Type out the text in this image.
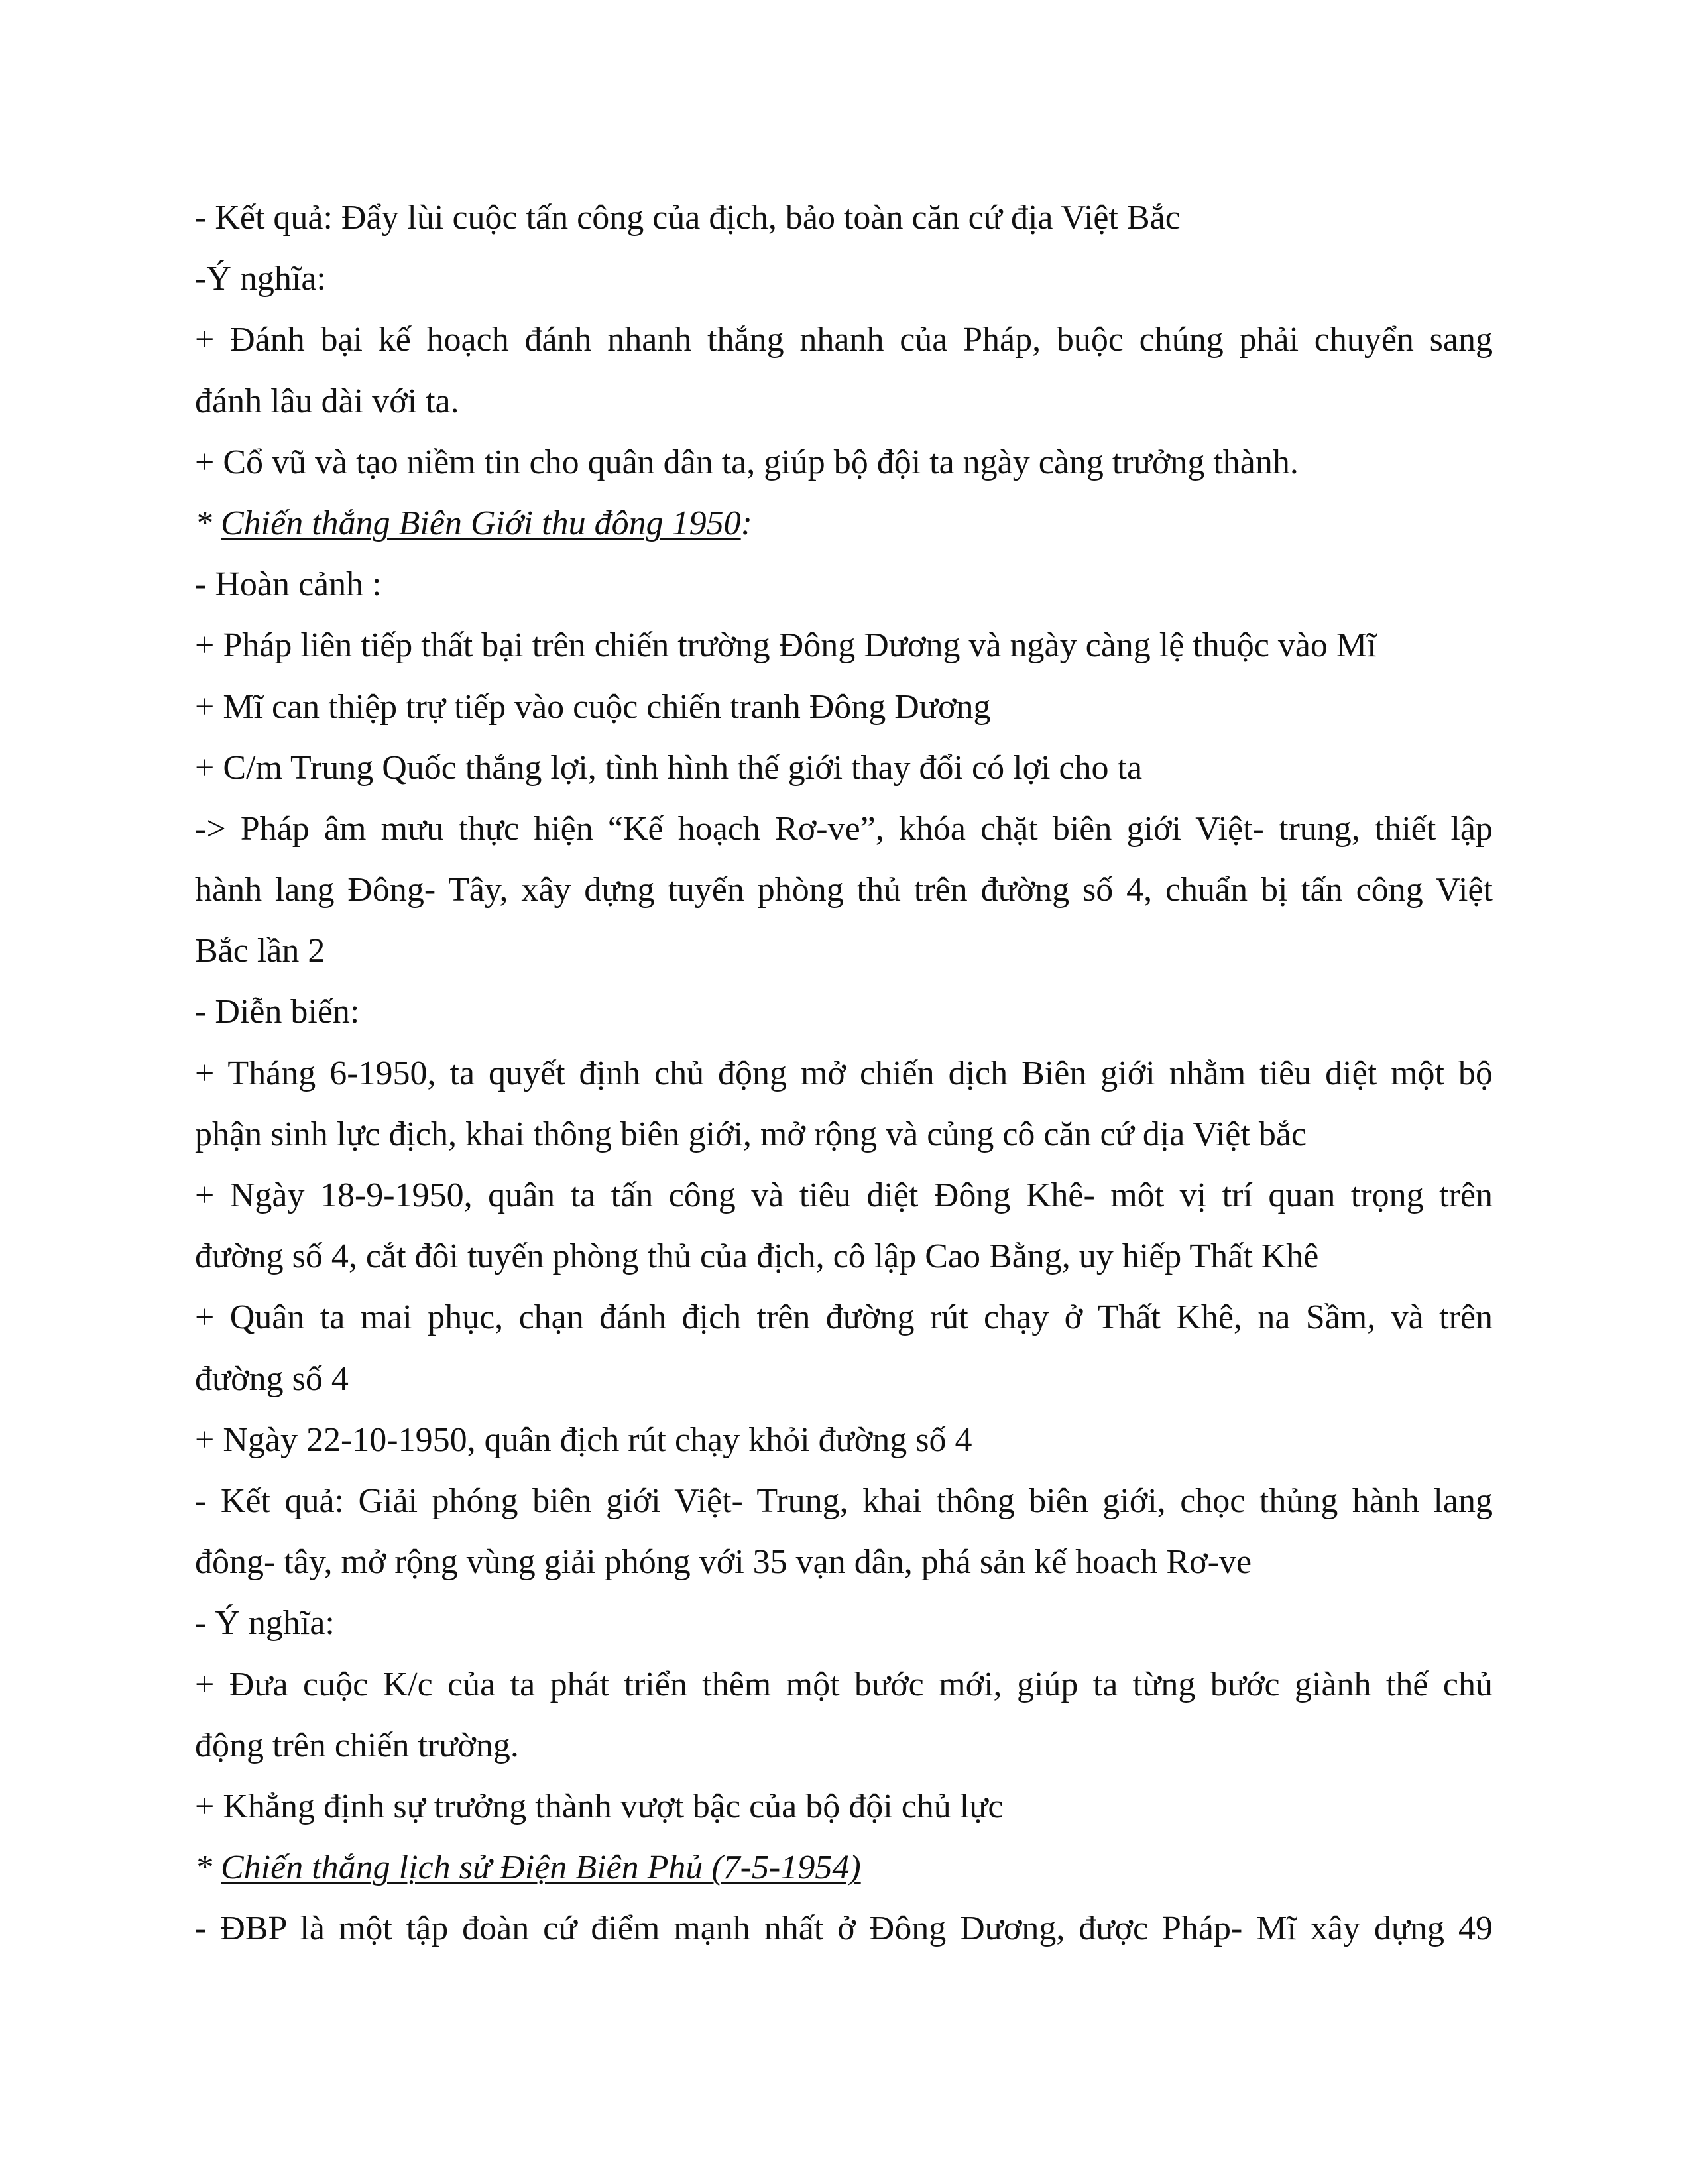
- Kết quả: Đẩy lùi cuộc tấn công của địch, bảo toàn căn cứ địa Việt Bắc
-Ý nghĩa:
+ Đánh bại kế hoạch đánh nhanh thắng nhanh của Pháp, buộc chúng phải chuyển sang
đánh lâu dài với ta.
+ Cổ vũ và tạo niềm tin cho quân dân ta, giúp bộ đội ta ngày càng trưởng thành.
* Chiến thắng Biên Giới thu đông 1950:
- Hoàn cảnh :
+ Pháp liên tiếp thất bại trên chiến trường Đông Dương và ngày càng lệ thuộc vào Mĩ
+ Mĩ can thiệp trự tiếp vào cuộc chiến tranh Đông Dương
+ C/m Trung Quốc thắng lợi, tình hình thế giới thay đổi có lợi cho ta
-> Pháp âm mưu thực hiện “Kế hoạch Rơ-ve”, khóa chặt biên giới Việt- trung, thiết lập
hành lang Đông- Tây, xây dựng tuyến phòng thủ trên đường số 4, chuẩn bị tấn công Việt
Bắc lần 2
- Diễn biến:
+ Tháng 6-1950, ta quyết định chủ động mở chiến dịch Biên giới nhằm tiêu diệt một bộ
phận sinh lực địch, khai thông biên giới, mở rộng và củng cô căn cứ dịa Việt bắc
+ Ngày 18-9-1950, quân ta tấn công và tiêu diệt Đông Khê- môt vị trí quan trọng trên
đường số 4, cắt đôi tuyến phòng thủ của địch, cô lập Cao Bằng, uy hiếp Thất Khê
+ Quân ta mai phục, chạn đánh địch trên đường rút chạy ở Thất Khê, na Sầm, và trên
đường số 4
+ Ngày 22-10-1950, quân địch rút chạy khỏi đường số 4
- Kết quả: Giải phóng biên giới Việt- Trung, khai thông biên giới, chọc thủng hành lang
đông- tây, mở rộng vùng giải phóng với 35 vạn dân, phá sản kế hoach Rơ-ve
- Ý nghĩa:
+ Đưa cuộc K/c của ta phát triển thêm một bước mới, giúp ta từng bước giành thế chủ
động trên chiến trường.
+ Khẳng định sự trưởng thành vượt bậc của bộ đội chủ lực
* Chiến thắng lịch sử Điện Biên Phủ (7-5-1954)
- ĐBP là một tập đoàn cứ điểm mạnh nhất ở Đông Dương, được Pháp- Mĩ xây dựng 49
